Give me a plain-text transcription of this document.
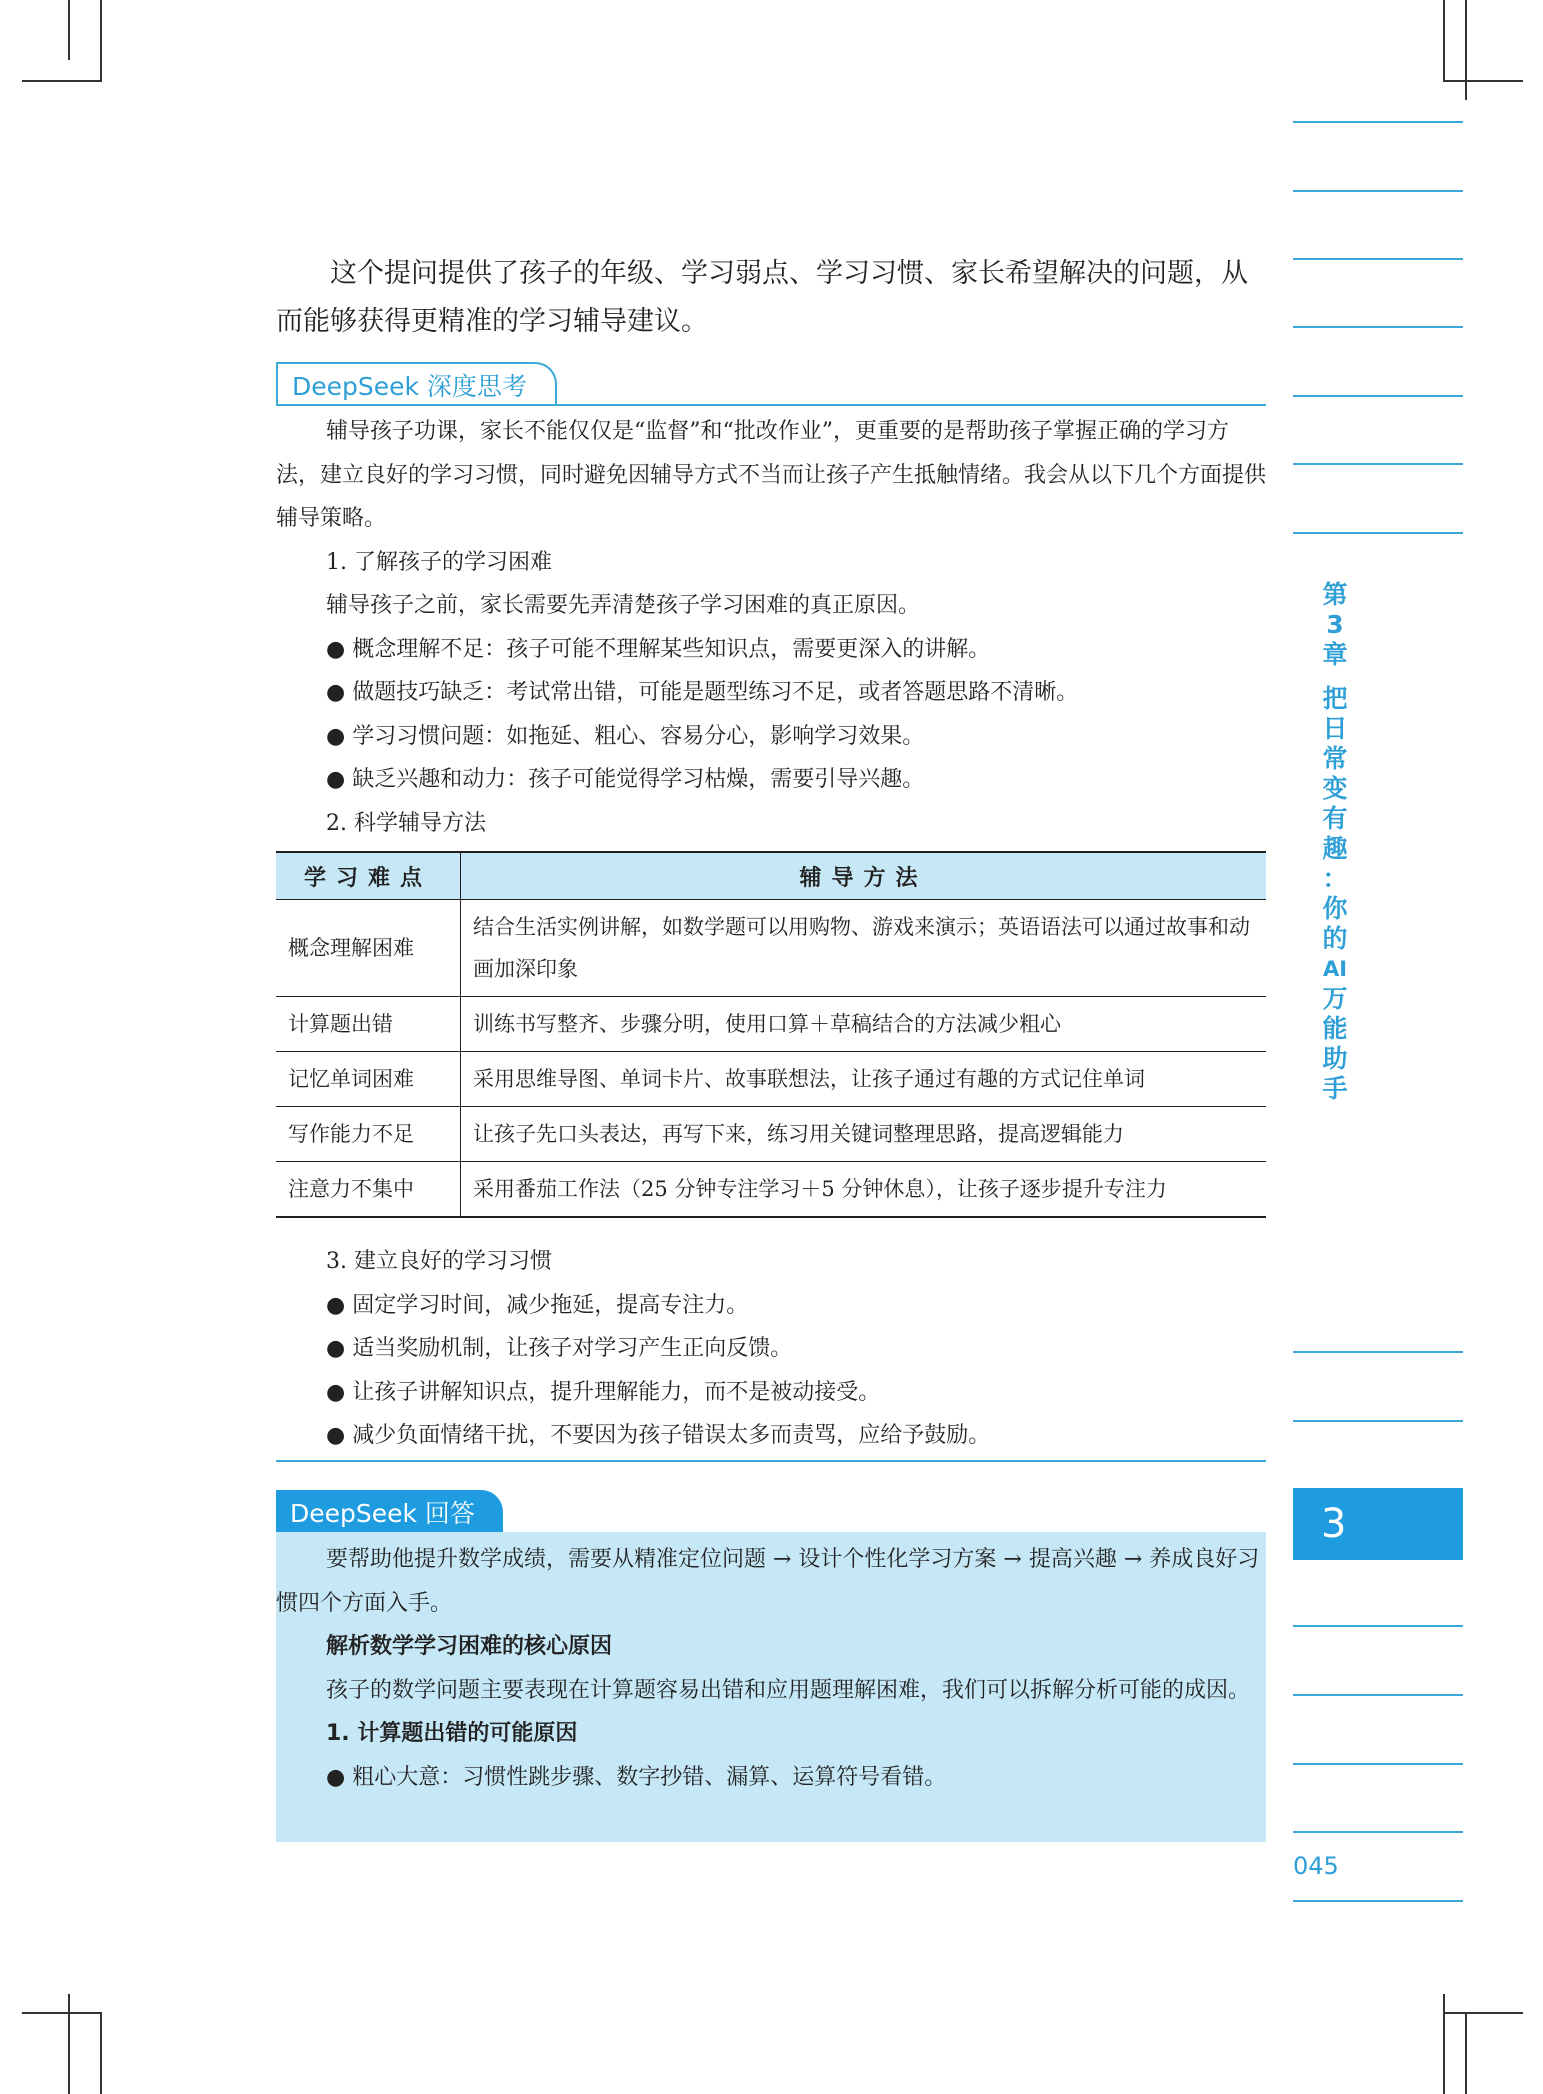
第
3
章
把
日
常
变
有
趣
：
你
的
AI
万
能
助
手
3
045

这个提问提供了孩子的年级、学习弱点、学习习惯、家长希望解决的问题，从而能够获得更精准的学习辅导建议。

DeepSeek 深度思考

辅导孩子功课，家长不能仅仅是“监督”和“批改作业”，更重要的是帮助孩子掌握正确的学习方法，建立良好的学习习惯，同时避免因辅导方式不当而让孩子产生抵触情绪。我会从以下几个方面提供辅导策略。

1. 了解孩子的学习困难

辅导孩子之前，家长需要先弄清楚孩子学习困难的真正原因。

● 概念理解不足：孩子可能不理解某些知识点，需要更深入的讲解。

● 做题技巧缺乏：考试常出错，可能是题型练习不足，或者答题思路不清晰。

● 学习习惯问题：如拖延、粗心、容易分心，影响学习效果。

● 缺乏兴趣和动力：孩子可能觉得学习枯燥，需要引导兴趣。

2. 科学辅导方法

学习难点	辅导方法
概念理解困难	结合生活实例讲解，如数学题可以用购物、游戏来演示；英语语法可以通过故事和动画加深印象
计算题出错	训练书写整齐、步骤分明，使用口算＋草稿结合的方法减少粗心
记忆单词困难	采用思维导图、单词卡片、故事联想法，让孩子通过有趣的方式记住单词
写作能力不足	让孩子先口头表达，再写下来，练习用关键词整理思路，提高逻辑能力
注意力不集中	采用番茄工作法（25 分钟专注学习＋5 分钟休息），让孩子逐步提升专注力

3. 建立良好的学习习惯

● 固定学习时间，减少拖延，提高专注力。

● 适当奖励机制，让孩子对学习产生正向反馈。

● 让孩子讲解知识点，提升理解能力，而不是被动接受。

● 减少负面情绪干扰，不要因为孩子错误太多而责骂，应给予鼓励。

DeepSeek 回答

要帮助他提升数学成绩，需要从精准定位问题 → 设计个性化学习方案 → 提高兴趣 → 养成良好习惯四个方面入手。

解析数学学习困难的核心原因

孩子的数学问题主要表现在计算题容易出错和应用题理解困难，我们可以拆解分析可能的成因。

1. 计算题出错的可能原因

● 粗心大意：习惯性跳步骤、数字抄错、漏算、运算符号看错。
